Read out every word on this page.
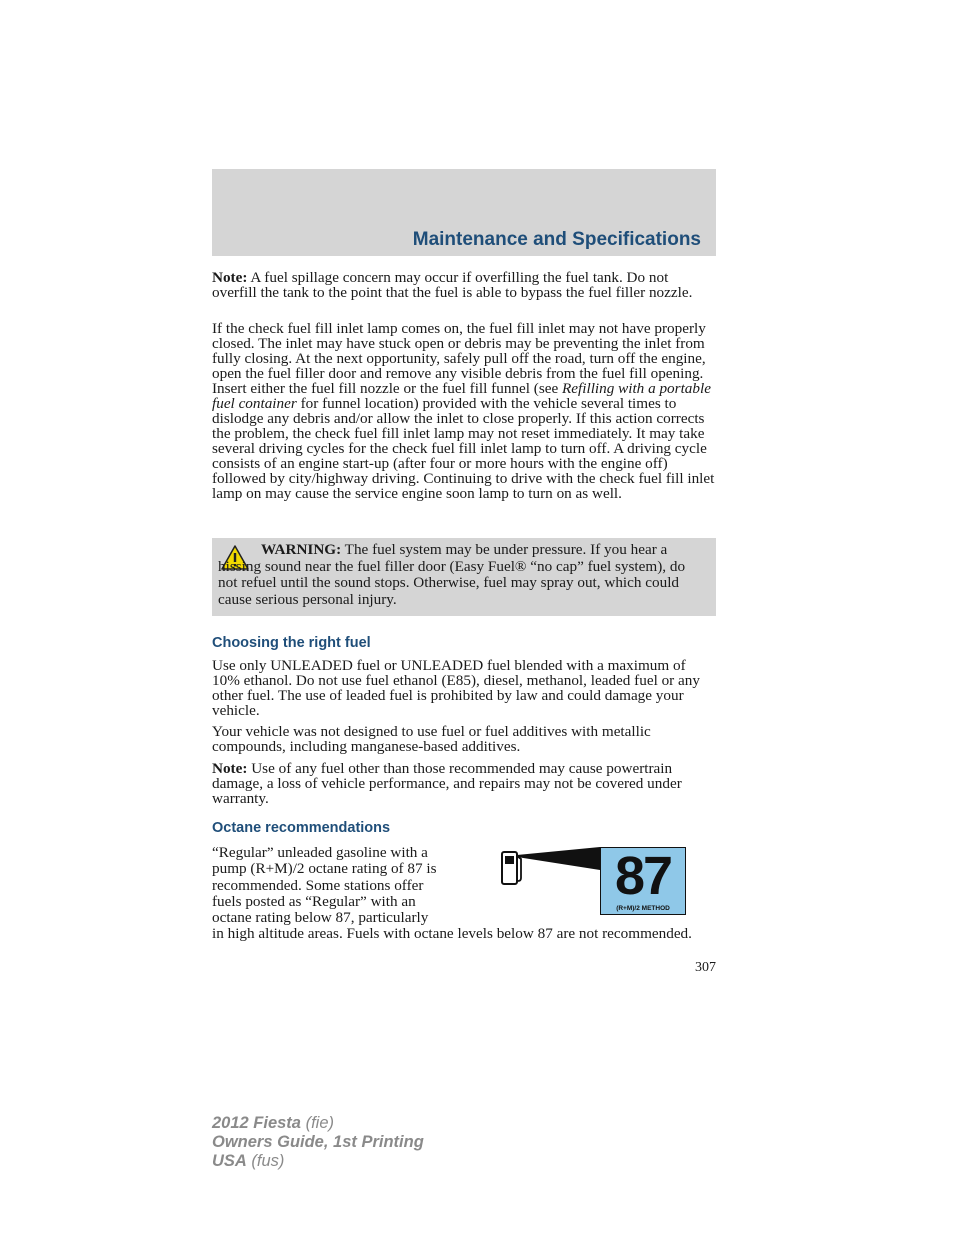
Maintenance and Specifications

Note: A fuel spillage concern may occur if overfilling the fuel tank. Do not overfill the tank to the point that the fuel is able to bypass the fuel filler nozzle.

If the check fuel fill inlet lamp comes on, the fuel fill inlet may not have properly closed. The inlet may have stuck open or debris may be preventing the inlet from fully closing. At the next opportunity, safely pull off the road, turn off the engine, open the fuel filler door and remove any visible debris from the fuel fill opening. Insert either the fuel fill nozzle or the fuel fill funnel (see Refilling with a portable fuel container for funnel location) provided with the vehicle several times to dislodge any debris and/or allow the inlet to close properly. If this action corrects the problem, the check fuel fill inlet lamp may not reset immediately. It may take several driving cycles for the check fuel fill inlet lamp to turn off. A driving cycle consists of an engine start-up (after four or more hours with the engine off) followed by city/highway driving. Continuing to drive with the check fuel fill inlet lamp on may cause the service engine soon lamp to turn on as well.

WARNING: The fuel system may be under pressure. If you hear a hissing sound near the fuel filler door (Easy Fuel® “no cap” fuel system), do not refuel until the sound stops. Otherwise, fuel may spray out, which could cause serious personal injury.
Choosing the right fuel

Use only UNLEADED fuel or UNLEADED fuel blended with a maximum of 10% ethanol. Do not use fuel ethanol (E85), diesel, methanol, leaded fuel or any other fuel. The use of leaded fuel is prohibited by law and could damage your vehicle.

Your vehicle was not designed to use fuel or fuel additives with metallic compounds, including manganese-based additives.

Note: Use of any fuel other than those recommended may cause powertrain damage, a loss of vehicle performance, and repairs may not be covered under warranty.

Octane recommendations
“Regular” unleaded gasoline with a
pump (R+M)/2 octane rating of 87 is
recommended. Some stations offer
fuels posted as “Regular” with an
octane rating below 87, particularly
in high altitude areas. Fuels with octane levels below 87 are not recommended.
87
(R+M)/2 METHOD
307
2012 Fiesta (fie)
Owners Guide, 1st Printing
USA (fus)
